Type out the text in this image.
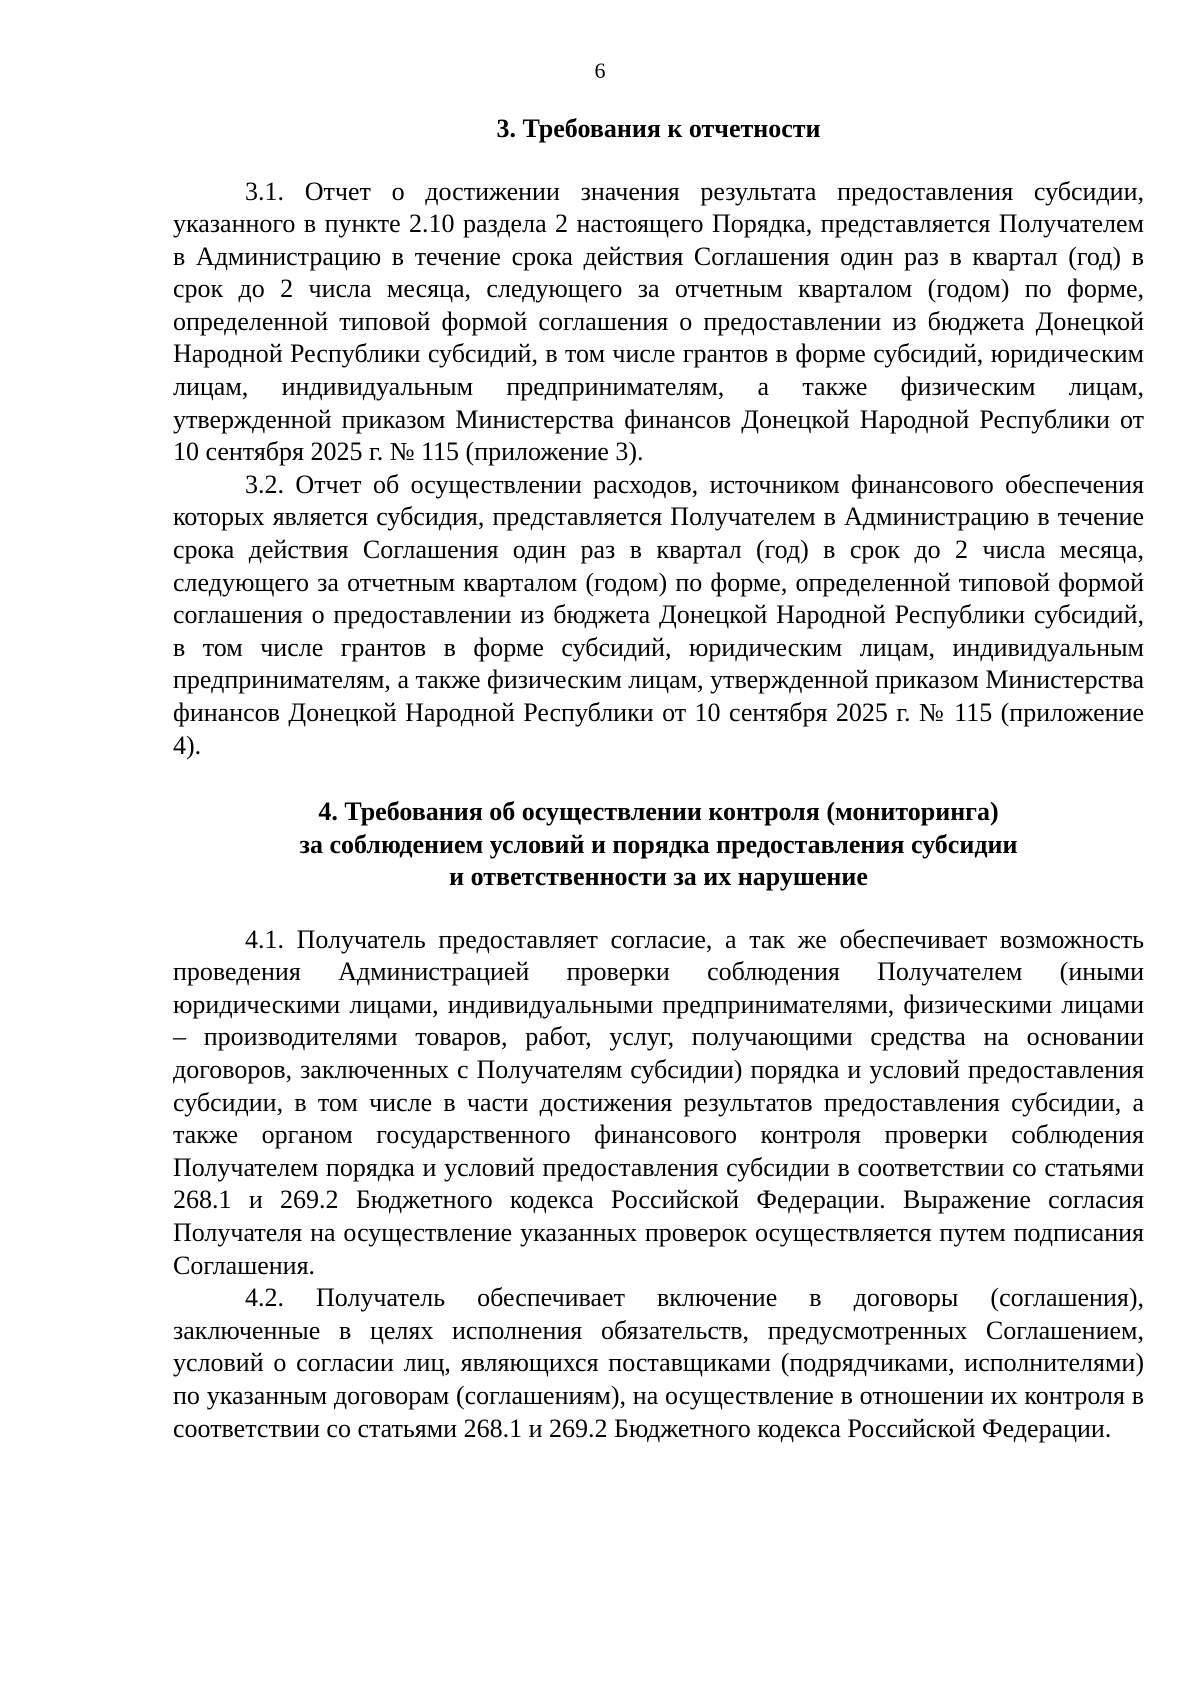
6
3. Требования к отчетности

3.1. Отчет о достижении значения результата предоставления субсидии, указанного в пункте 2.10 раздела 2 настоящего Порядка, представляется Получателем в Администрацию в течение срока действия Соглашения один раз в квартал (год) в срок до 2 числа месяца, следующего за отчетным кварталом (годом) по форме, определенной типовой формой соглашения о предоставлении из бюджета Донецкой Народной Республики субсидий, в том числе грантов в форме субсидий, юридическим лицам, индивидуальным предпринимателям, а также физическим лицам, утвержденной приказом Министерства финансов Донецкой Народной Республики от 10 сентября 2025 г. № 115 (приложение 3).

3.2. Отчет об осуществлении расходов, источником финансового обеспечения которых является субсидия, представляется Получателем в Администрацию в течение срока действия Соглашения один раз в квартал (год) в срок до 2 числа месяца, следующего за отчетным кварталом (годом) по форме, определенной типовой формой соглашения о предоставлении из бюджета Донецкой Народной Республики субсидий, в том числе грантов в форме субсидий, юридическим лицам, индивидуальным предпринимателям, а также физическим лицам, утвержденной приказом Министерства финансов Донецкой Народной Республики от 10 сентября 2025 г. № 115 (приложение 4).

4. Требования об осуществлении контроля (мониторинга)
за соблюдением условий и порядка предоставления субсидии
и ответственности за их нарушение

4.1. Получатель предоставляет согласие, а так же обеспечивает возможность проведения Администрацией проверки соблюдения Получателем (иными юридическими лицами, индивидуальными предпринимателями, физическими лицами – производителями товаров, работ, услуг, получающими средства на основании договоров, заключенных с Получателям субсидии) порядка и условий предоставления субсидии, в том числе в части достижения результатов предоставления субсидии, а также органом государственного финансового контроля проверки соблюдения Получателем порядка и условий предоставления субсидии в соответствии со статьями 268.1 и 269.2 Бюджетного кодекса Российской Федерации. Выражение согласия Получателя на осуществление указанных проверок осуществляется путем подписания Соглашения.

4.2. Получатель обеспечивает включение в договоры (соглашения), заключенные в целях исполнения обязательств, предусмотренных Соглашением, условий о согласии лиц, являющихся поставщиками (подрядчиками, исполнителями) по указанным договорам (соглашениям), на осуществление в отношении их контроля в соответствии со статьями 268.1 и 269.2 Бюджетного кодекса Российской Федерации.
